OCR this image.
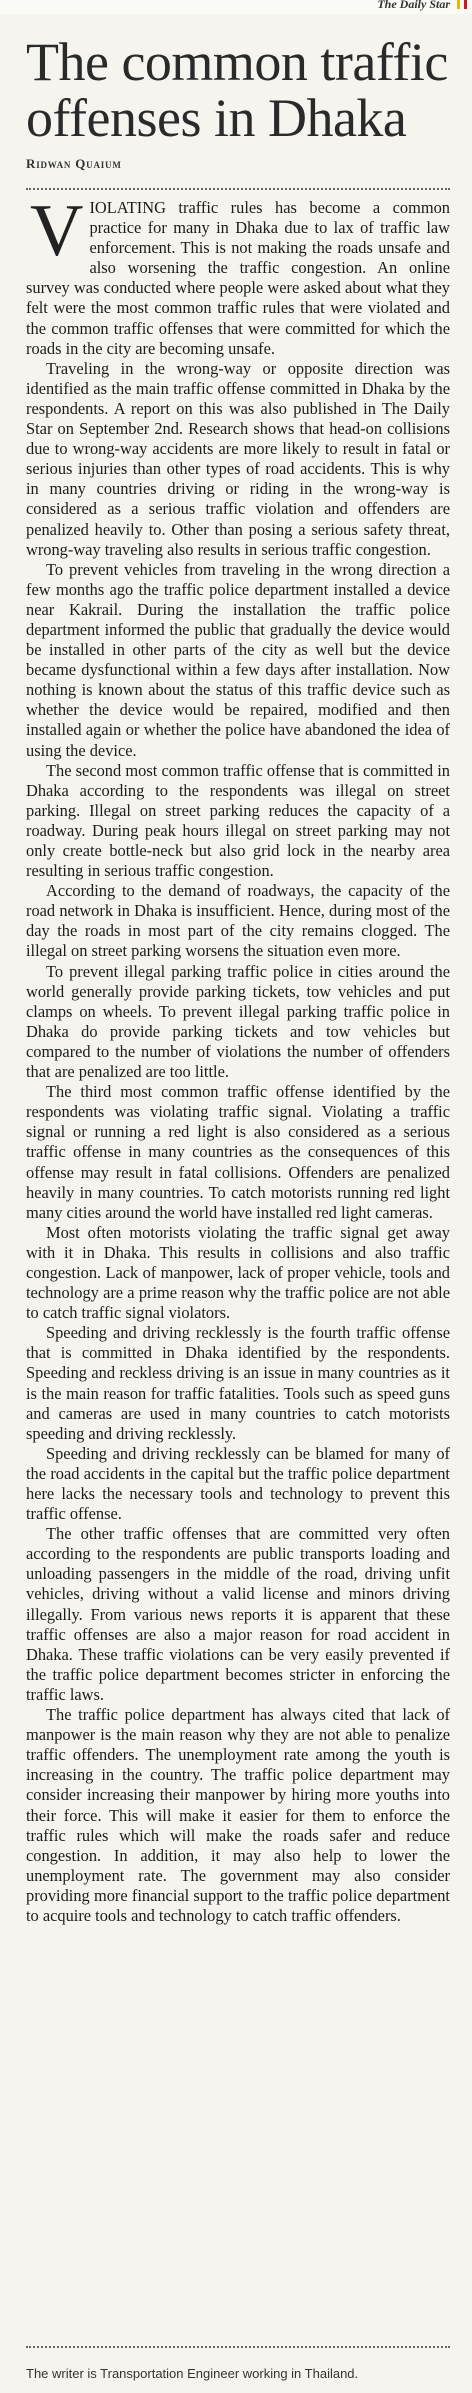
The Daily Star
The common traffic offenses in Dhaka
Ridwan Quaium

VIOLATING traffic rules has become a common practice for many in Dhaka due to lax of traffic law enforcement. This is not making the roads unsafe and also worsening the traffic congestion. An online survey was conducted where people were asked about what they felt were the most common traffic rules that were violated and the common traffic offenses that were committed for which the roads in the city are becoming unsafe.

Traveling in the wrong-way or opposite direction was identified as the main traffic offense committed in Dhaka by the respondents. A report on this was also published in The Daily Star on September 2nd. Research shows that head-on collisions due to wrong-way accidents are more likely to result in fatal or serious injuries than other types of road accidents. This is why in many countries driving or riding in the wrong-way is considered as a serious traffic violation and offenders are penalized heavily to. Other than posing a serious safety threat, wrong-way traveling also results in serious traffic congestion.

To prevent vehicles from traveling in the wrong direction a few months ago the traffic police department installed a device near Kakrail. During the installation the traffic police department informed the public that gradually the device would be installed in other parts of the city as well but the device became dysfunctional within a few days after installation. Now nothing is known about the status of this traffic device such as whether the device would be repaired, modified and then installed again or whether the police have abandoned the idea of using the device.

The second most common traffic offense that is committed in Dhaka according to the respondents was illegal on street parking. Illegal on street parking reduces the capacity of a roadway. During peak hours illegal on street parking may not only create bottle-neck but also grid lock in the nearby area resulting in serious traffic congestion.

According to the demand of roadways, the capacity of the road network in Dhaka is insufficient. Hence, during most of the day the roads in most part of the city remains clogged. The illegal on street parking worsens the situation even more.

To prevent illegal parking traffic police in cities around the world generally provide parking tickets, tow vehicles and put clamps on wheels. To prevent illegal parking traffic police in Dhaka do provide parking tickets and tow vehicles but compared to the number of violations the number of offenders that are penalized are too little.

The third most common traffic offense identified by the respondents was violating traffic signal. Violating a traffic signal or running a red light is also considered as a serious traffic offense in many countries as the consequences of this offense may result in fatal collisions. Offenders are penalized heavily in many countries. To catch motorists running red light many cities around the world have installed red light cameras.

Most often motorists violating the traffic signal get away with it in Dhaka. This results in collisions and also traffic congestion. Lack of manpower, lack of proper vehicle, tools and technology are a prime reason why the traffic police are not able to catch traffic signal violators.

Speeding and driving recklessly is the fourth traffic offense that is committed in Dhaka identified by the respondents. Speeding and reckless driving is an issue in many countries as it is the main reason for traffic fatalities. Tools such as speed guns and cameras are used in many countries to catch motorists speeding and driving recklessly.

Speeding and driving recklessly can be blamed for many of the road accidents in the capital but the traffic police department here lacks the necessary tools and technology to prevent this traffic offense.

The other traffic offenses that are committed very often according to the respondents are public transports loading and unloading passengers in the middle of the road, driving unfit vehicles, driving without a valid license and minors driving illegally. From various news reports it is apparent that these traffic offenses are also a major reason for road accident in Dhaka. These traffic violations can be very easily prevented if the traffic police department becomes stricter in enforcing the traffic laws.

The traffic police department has always cited that lack of manpower is the main reason why they are not able to penalize traffic offenders. The unemployment rate among the youth is increasing in the country. The traffic police department may consider increasing their manpower by hiring more youths into their force. This will make it easier for them to enforce the traffic rules which will make the roads safer and reduce congestion. In addition, it may also help to lower the unemployment rate. The government may also consider providing more financial support to the traffic police department to acquire tools and technology to catch traffic offenders.

The writer is Transportation Engineer working in Thailand.
